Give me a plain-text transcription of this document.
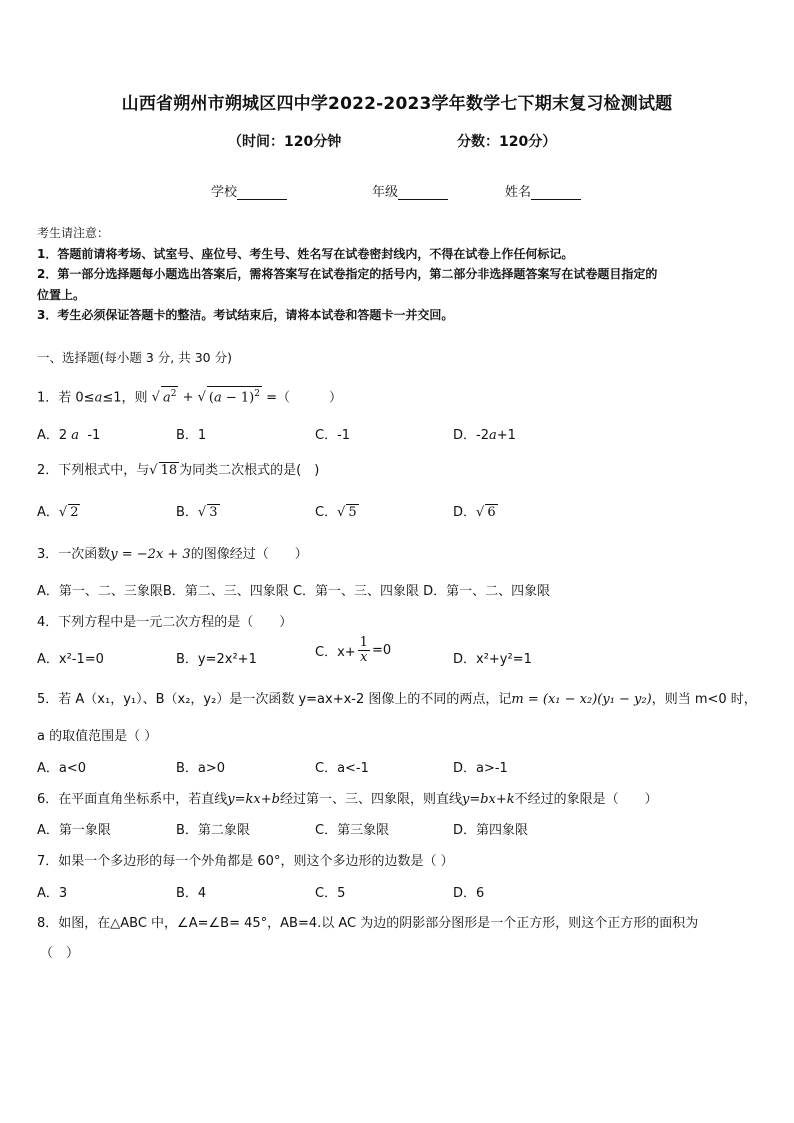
山西省朔州市朔城区四中学2022-2023学年数学七下期末复习检测试题
（时间：120分钟	分数：120分）
学校	年级	姓名
考生请注意：
1．答题前请将考场、试室号、座位号、考生号、姓名写在试卷密封线内，不得在试卷上作任何标记。
2．第一部分选择题每小题选出答案后，需将答案写在试卷指定的括号内，第二部分非选择题答案写在试卷题目指定的
位置上。
3．考生必须保证答题卡的整洁。考试结束后，请将本试卷和答题卡一并交回。
一、选择题(每小题 3 分, 共 30 分)
1．若 0≤a≤1，则 √ $a^2$ + √ $(a - 1)^2$ =（　　　）
A．2 a -1	B．1	C．-1	D．-2a+1
2．下列根式中，与√ 18 为同类二次根式的是(　)
A．√ 2	B．√ 3	C．√ 5	D．√ 6
3．一次函数y = −2x + 3的图像经过（　　）
A．第一、二、三象限B．第二、三、四象限 C．第一、三、四象限 D．第一、二、四象限
4．下列方程中是一元二次方程的是（　　）
A．x²-1=0	B．y=2x²+1	C．$x+ \frac{1}{x} =0$
D．x²+y²=1
5．若 A（x₁，y₁）、B（x₂，y₂）是一次函数 y=ax+x-2 图像上的不同的两点，记m = (x₁ − x₂)(y₁ − y₂)，则当 m<0 时，
a 的取值范围是（ ）
A．a<0	B．a>0	C．a<-1	D．a>-1
6．在平面直角坐标系中，若直线y=kx+b经过第一、三、四象限，则直线y=bx+k不经过的象限是（　　）
A．第一象限	B．第二象限	C．第三象限	D．第四象限
7．如果一个多边形的每一个外角都是 60°，则这个多边形的边数是（ ）
A．3	B．4	C．5	D．6
8．如图，在△ABC 中，∠A=∠B= 45°，AB=4.以 AC 为边的阴影部分图形是一个正方形，则这个正方形的面积为
（　）
